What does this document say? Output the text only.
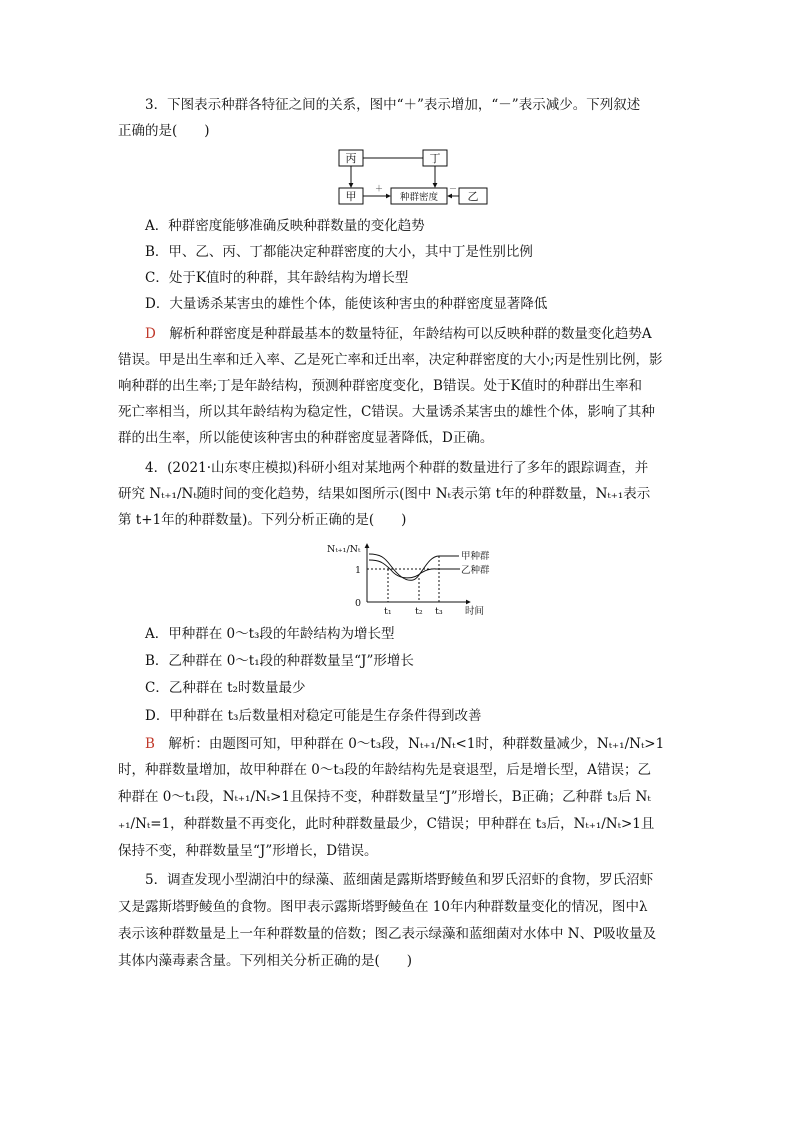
3．下图表示种群各特征之间的关系，图中“＋”表示增加，“－”表示减少。下列叙述
正确的是(　　)
丙	丁
甲	种群密度	乙
＋	－
A．种群密度能够准确反映种群数量的变化趋势
B．甲、乙、丙、丁都能决定种群密度的大小，其中丁是性别比例
C．处于K值时的种群，其年龄结构为增长型
D．大量诱杀某害虫的雄性个体，能使该种害虫的种群密度显著降低
D　 解析种群密度是种群最基本的数量特征，年龄结构可以反映种群的数量变化趋势A
错误。甲是出生率和迁入率、乙是死亡率和迁出率，决定种群密度的大小;丙是性别比例，影
响种群的出生率;丁是年龄结构，预测种群密度变化，B错误。处于K值时的种群出生率和
死亡率相当，所以其年龄结构为稳定性，C错误。大量诱杀某害虫的雄性个体，影响了其种
群的出生率，所以能使该种害虫的种群密度显著降低，D正确。
4．(2021·山东枣庄模拟)科研小组对某地两个种群的数量进行了多年的跟踪调查，并
研究 Nₜ₊₁/Nₜ随时间的变化趋势，结果如图所示(图中 Nₜ表示第 t年的种群数量，Nₜ₊₁表示
第 t+1年的种群数量)。下列分析正确的是(　　)
Nₜ₊₁/Nₜ
1
0
t₁ t₂ t₃ 时间
甲种群
乙种群
A．甲种群在 0～t₃段的年龄结构为增长型
B．乙种群在 0～t₁段的种群数量呈“J”形增长
C．乙种群在 t₂时数量最少
D．甲种群在 t₃后数量相对稳定可能是生存条件得到改善
B　 解析：由题图可知，甲种群在 0～t₃段，Nₜ₊₁/Nₜ<1时，种群数量减少，Nₜ₊₁/Nₜ>1
时，种群数量增加，故甲种群在 0～t₃段的年龄结构先是衰退型，后是增长型，A错误；乙
种群在 0～t₁段，Nₜ₊₁/Nₜ>1且保持不变，种群数量呈“J”形增长，B正确；乙种群 t₃后 Nₜ
₊₁/Nₜ=1，种群数量不再变化，此时种群数量最少，C错误；甲种群在 t₃后，Nₜ₊₁/Nₜ>1且
保持不变，种群数量呈“J”形增长，D错误。
5．调查发现小型湖泊中的绿藻、蓝细菌是露斯塔野鲮鱼和罗氏沼虾的食物，罗氏沼虾
又是露斯塔野鲮鱼的食物。图甲表示露斯塔野鲮鱼在 10年内种群数量变化的情况，图中λ
表示该种群数量是上一年种群数量的倍数；图乙表示绿藻和蓝细菌对水体中 N、P吸收量及
其体内藻毒素含量。下列相关分析正确的是(　　)
